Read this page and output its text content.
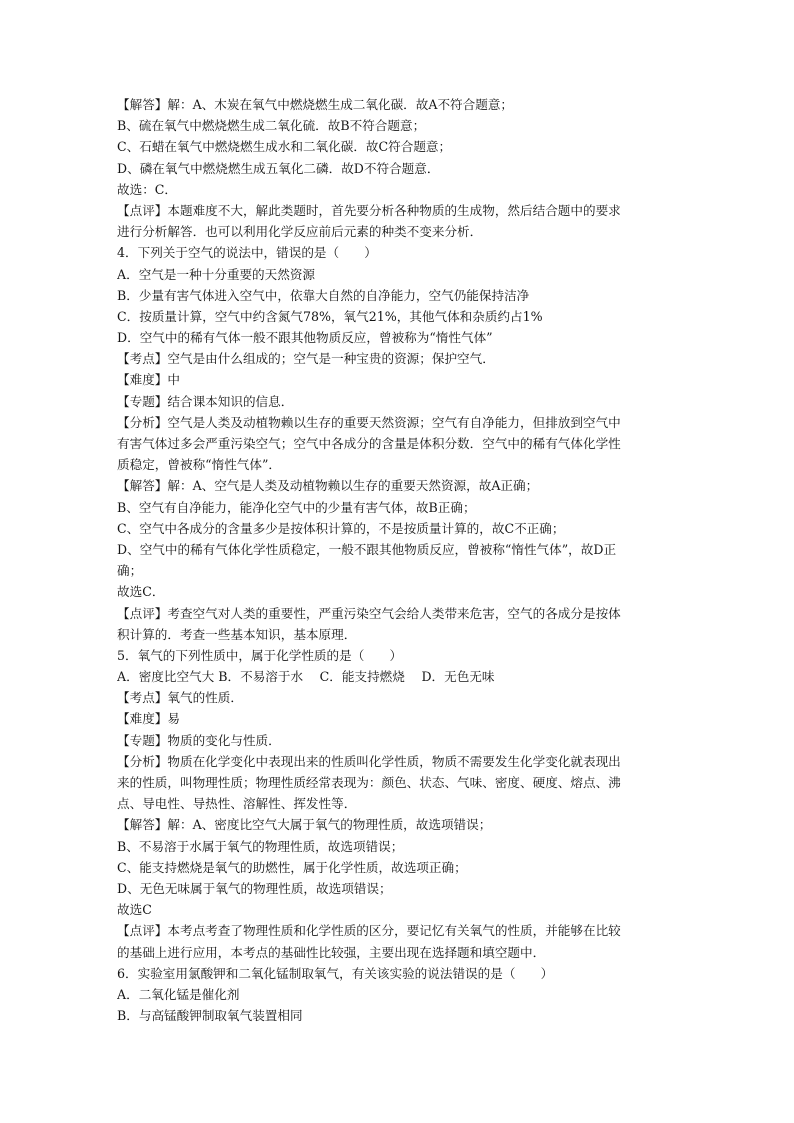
【解答】解：A、木炭在氧气中燃烧燃生成二氧化碳．故A不符合题意；
B、硫在氧气中燃烧燃生成二氧化硫．故B不符合题意；
C、石蜡在氧气中燃烧燃生成水和二氧化碳．故C符合题意；
D、磷在氧气中燃烧燃生成五氧化二磷．故D不符合题意．
故选：C．
【点评】本题难度不大，解此类题时，首先要分析各种物质的生成物，然后结合题中的要求
进行分析解答．也可以利用化学反应前后元素的种类不变来分析．
4．下列关于空气的说法中，错误的是（　　）
A．空气是一种十分重要的天然资源
B．少量有害气体进入空气中，依靠大自然的自净能力，空气仍能保持洁净
C．按质量计算，空气中约含氮气78%，氧气21%，其他气体和杂质约占1%
D．空气中的稀有气体一般不跟其他物质反应，曾被称为“惰性气体”
【考点】空气是由什么组成的；空气是一种宝贵的资源；保护空气．
【难度】中
【专题】结合课本知识的信息．
【分析】空气是人类及动植物赖以生存的重要天然资源；空气有自净能力，但排放到空气中
有害气体过多会严重污染空气；空气中各成分的含量是体积分数．空气中的稀有气体化学性
质稳定，曾被称“惰性气体”．
【解答】解：A、空气是人类及动植物赖以生存的重要天然资源，故A正确；
B、空气有自净能力，能净化空气中的少量有害气体，故B正确；
C、空气中各成分的含量多少是按体积计算的，不是按质量计算的，故C不正确；
D、空气中的稀有气体化学性质稳定，一般不跟其他物质反应，曾被称“惰性气体”，故D正
确；
故选C．
【点评】考查空气对人类的重要性，严重污染空气会给人类带来危害，空气的各成分是按体
积计算的．考查一些基本知识，基本原理．
5．氧气的下列性质中，属于化学性质的是（　　）
A．密度比空气大 B．不易溶于水　 C．能支持燃烧　 D．无色无味
【考点】氧气的性质．
【难度】易
【专题】物质的变化与性质．
【分析】物质在化学变化中表现出来的性质叫化学性质，物质不需要发生化学变化就表现出
来的性质，叫物理性质；物理性质经常表现为：颜色、状态、气味、密度、硬度、熔点、沸
点、导电性、导热性、溶解性、挥发性等．
【解答】解：A、密度比空气大属于氧气的物理性质，故选项错误；
B、不易溶于水属于氧气的物理性质，故选项错误；
C、能支持燃烧是氧气的助燃性，属于化学性质，故选项正确；
D、无色无味属于氧气的物理性质，故选项错误；
故选C
【点评】本考点考查了物理性质和化学性质的区分，要记忆有关氧气的性质，并能够在比较
的基础上进行应用，本考点的基础性比较强，主要出现在选择题和填空题中．
6．实验室用氯酸钾和二氧化锰制取氧气，有关该实验的说法错误的是（　　）
A．二氧化锰是催化剂
B．与高锰酸钾制取氧气装置相同
